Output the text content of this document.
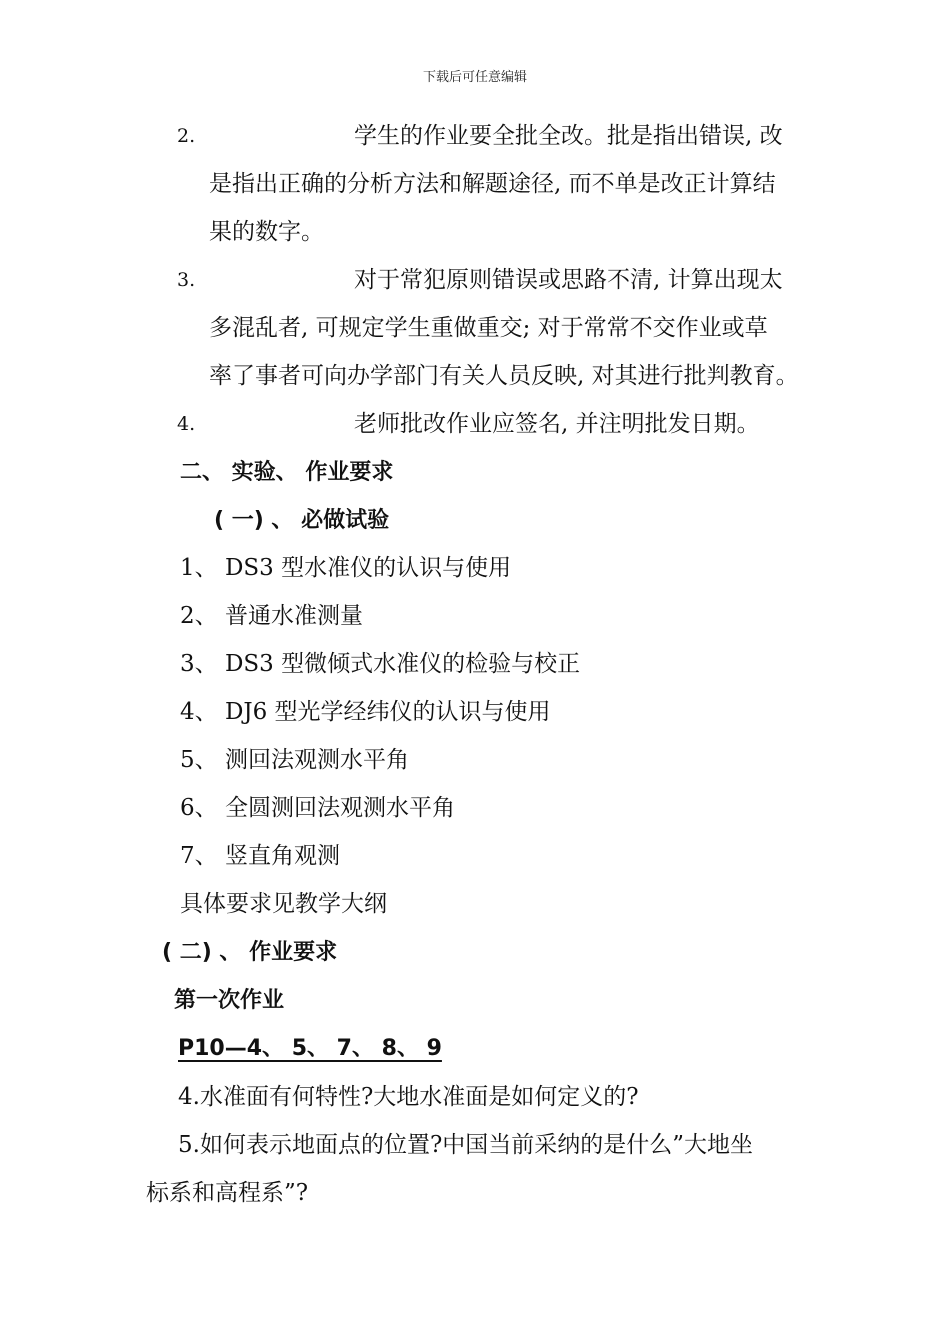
下载后可任意编辑
2.	学生的作业要全批全改。批是指出错误, 改
是指出正确的分析方法和解题途径, 而不单是改正计算结
果的数字。
3.	对于常犯原则错误或思路不清, 计算出现太
多混乱者, 可规定学生重做重交; 对于常常不交作业或草
率了事者可向办学部门有关人员反映, 对其进行批判教育。
4.	老师批改作业应签名, 并注明批发日期。
二、 实验、 作业要求
( 一) 、 必做试验
1、 DS3 型水准仪的认识与使用
2、 普通水准测量
3、 DS3 型微倾式水准仪的检验与校正
4、 DJ6 型光学经纬仪的认识与使用
5、 测回法观测水平角
6、 全圆测回法观测水平角
7、 竖直角观测
具体要求见教学大纲
( 二) 、 作业要求
第一次作业
P10—4、 5、 7、 8、 9
4.水准面有何特性?大地水准面是如何定义的?
5.如何表示地面点的位置?中国当前采纳的是什么”大地坐
标系和高程系”?
